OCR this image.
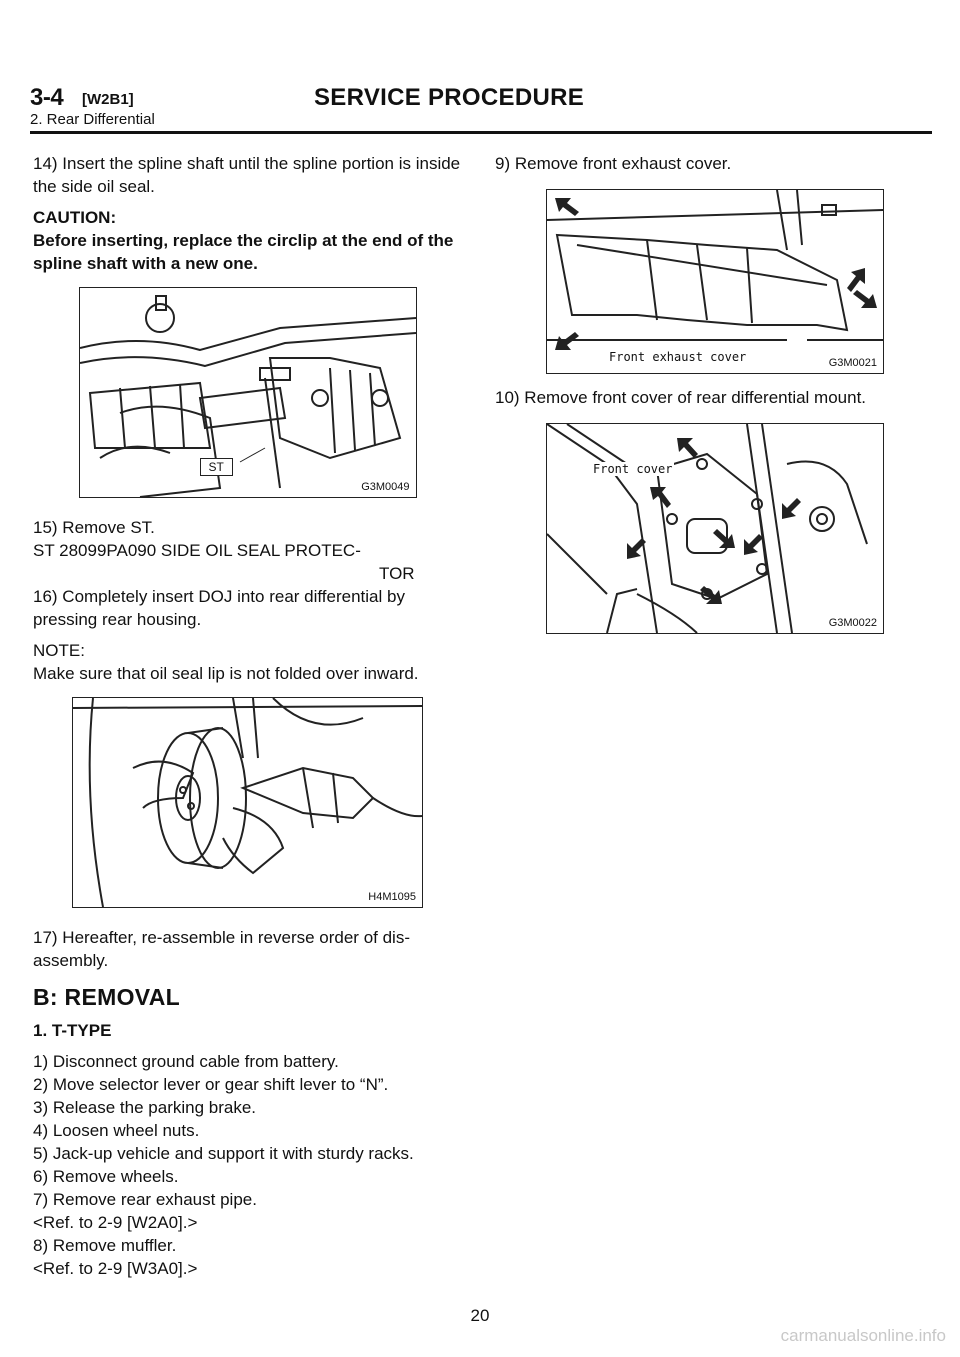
3-4 [W2B1]	SERVICE PROCEDURE
2. Rear Differential

14) Insert the spline shaft until the spline portion is inside the side oil seal.

CAUTION:

Before inserting, replace the circlip at the end of the spline shaft with a new one.

ST
G3M0049

15) Remove ST.

ST 28099PA090 SIDE OIL SEAL PROTEC-

TOR

16) Completely insert DOJ into rear differential by pressing rear housing.

NOTE:

Make sure that oil seal lip is not folded over inward.

H4M1095

17) Hereafter, re-assemble in reverse order of dis-assembly.

B: REMOVAL

1. T-TYPE

1) Disconnect ground cable from battery.

2) Move selector lever or gear shift lever to “N”.

3) Release the parking brake.

4) Loosen wheel nuts.

5) Jack-up vehicle and support it with sturdy racks.

6) Remove wheels.

7) Remove rear exhaust pipe.

<Ref. to 2-9 [W2A0].>

8) Remove muffler.

<Ref. to 2-9 [W3A0].>

9) Remove front exhaust cover.

Front exhaust cover	G3M0021

10) Remove front cover of rear differential mount.

Front cover
G3M0022
20
carmanualsonline.info
